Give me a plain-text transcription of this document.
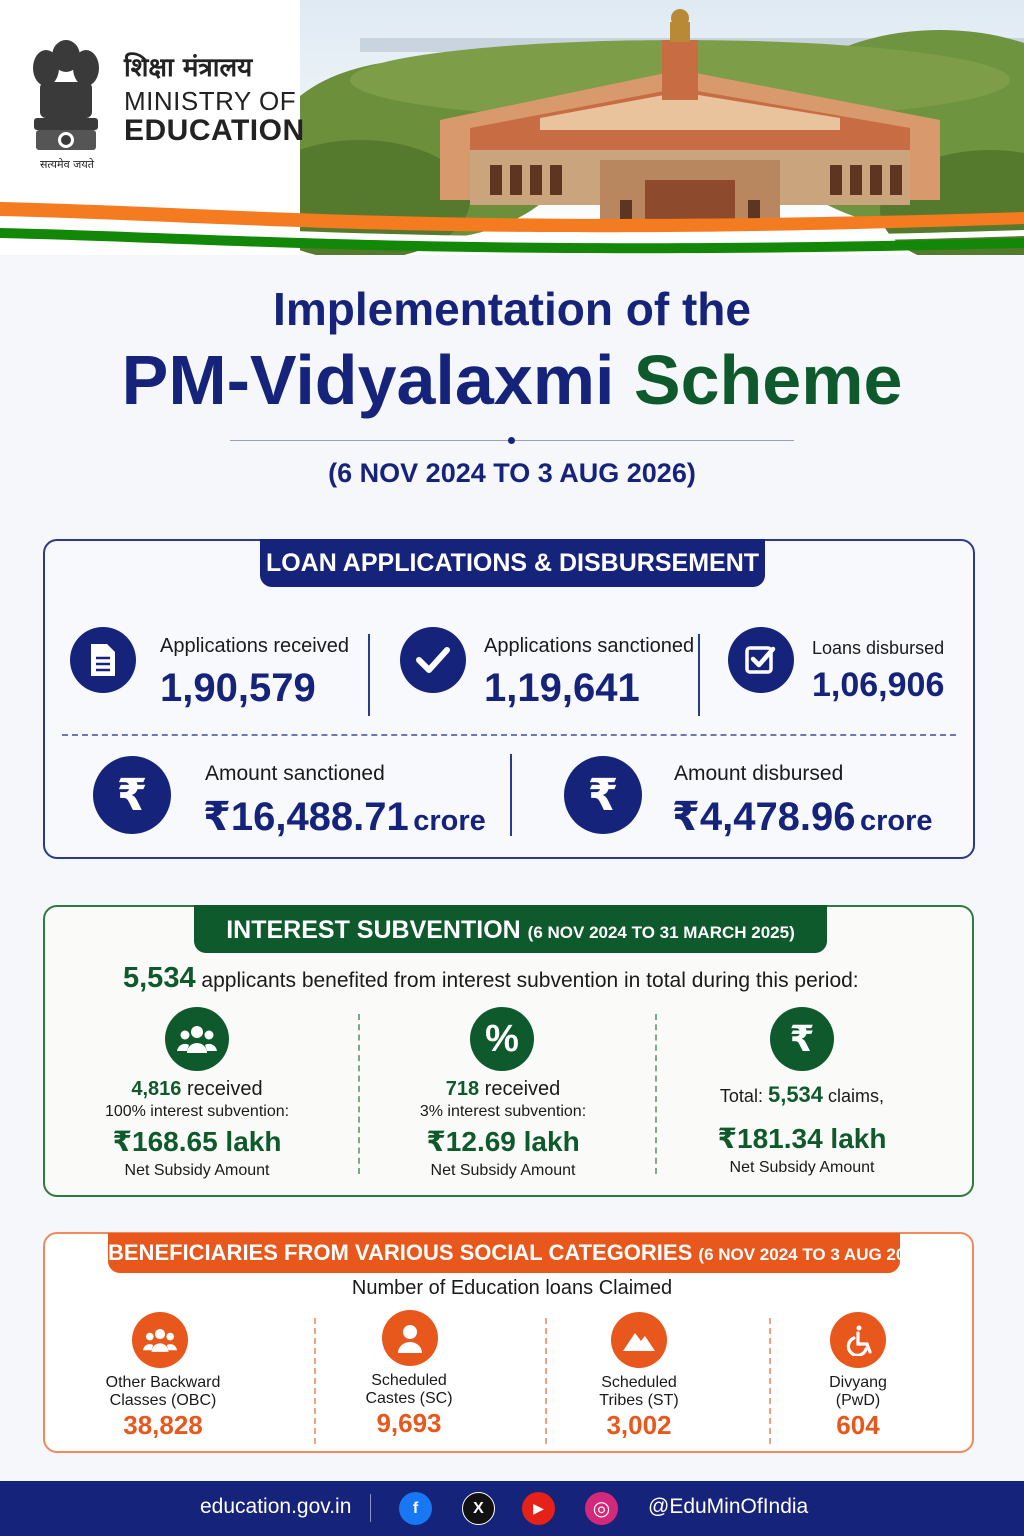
सत्यमेव जयते
शिक्षा मंत्रालय
MINISTRY OF
EDUCATION
Implementation of the
PM-Vidyalaxmi Scheme
(6 NOV 2024 TO 3 AUG 2026)
LOAN APPLICATIONS & DISBURSEMENT
Applications received
1,90,579
Applications sanctioned
1,19,641
Loans disbursed
1,06,906
₹	Amount sanctioned
₹16,488.71 crore
₹	Amount disbursed
₹4,478.96 crore
INTEREST SUBVENTION (6 NOV 2024 TO 31 MARCH 2025)
5,534 applicants benefited from interest subvention in total during this period:
4,816 received
100% interest subvention:
₹168.65 lakh
Net Subsidy Amount
%
718 received
3% interest subvention:
₹12.69 lakh
Net Subsidy Amount
₹
Total: 5,534 claims,
₹181.34 lakh
Net Subsidy Amount
BENEFICIARIES FROM VARIOUS SOCIAL CATEGORIES (6 NOV 2024 TO 3 AUG 2026)
Number of Education loans Claimed
Other Backward
Classes (OBC)
38,828
Scheduled
Castes (SC)
9,693
Scheduled
Tribes (ST)
3,002
Divyang
(PwD)
604
education.gov.in	f	X	▶	◎	@EduMinOfIndia
